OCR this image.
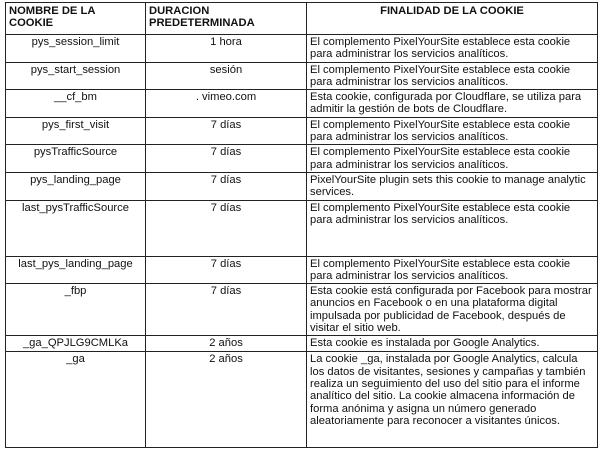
NOMBRE DE LA COOKIE	DURACION PREDETERMINADA	FINALIDAD DE LA COOKIE
pys_session_limit	1 hora	El complemento PixelYourSite establece esta cookie para administrar los servicios analíticos.
pys_start_session	sesión	El complemento PixelYourSite establece esta cookie para administrar los servicios analíticos.
__cf_bm	. vimeo.com	Esta cookie, configurada por Cloudflare, se utiliza para admitir la gestión de bots de Cloudflare.
pys_first_visit	7 días	El complemento PixelYourSite establece esta cookie para administrar los servicios analíticos.
pysTrafficSource	7 días	El complemento PixelYourSite establece esta cookie para administrar los servicios analíticos.
pys_landing_page	7 días	PixelYourSite plugin sets this cookie to manage analytic services.
last_pysTrafficSource	7 días	El complemento PixelYourSite establece esta cookie para administrar los servicios analíticos.
last_pys_landing_page	7 días	El complemento PixelYourSite establece esta cookie para administrar los servicios analíticos.
_fbp	7 días	Esta cookie está configurada por Facebook para mostrar anuncios en Facebook o en una plataforma digital impulsada por publicidad de Facebook, después de visitar el sitio web.
_ga_QPJLG9CMLKa	2 años	Esta cookie es instalada por Google Analytics.
_ga	2 años	La cookie _ga, instalada por Google Analytics, calcula los datos de visitantes, sesiones y campañas y también realiza un seguimiento del uso del sitio para el informe analítico del sitio. La cookie almacena información de forma anónima y asigna un número generado aleatoriamente para reconocer a visitantes únicos.
